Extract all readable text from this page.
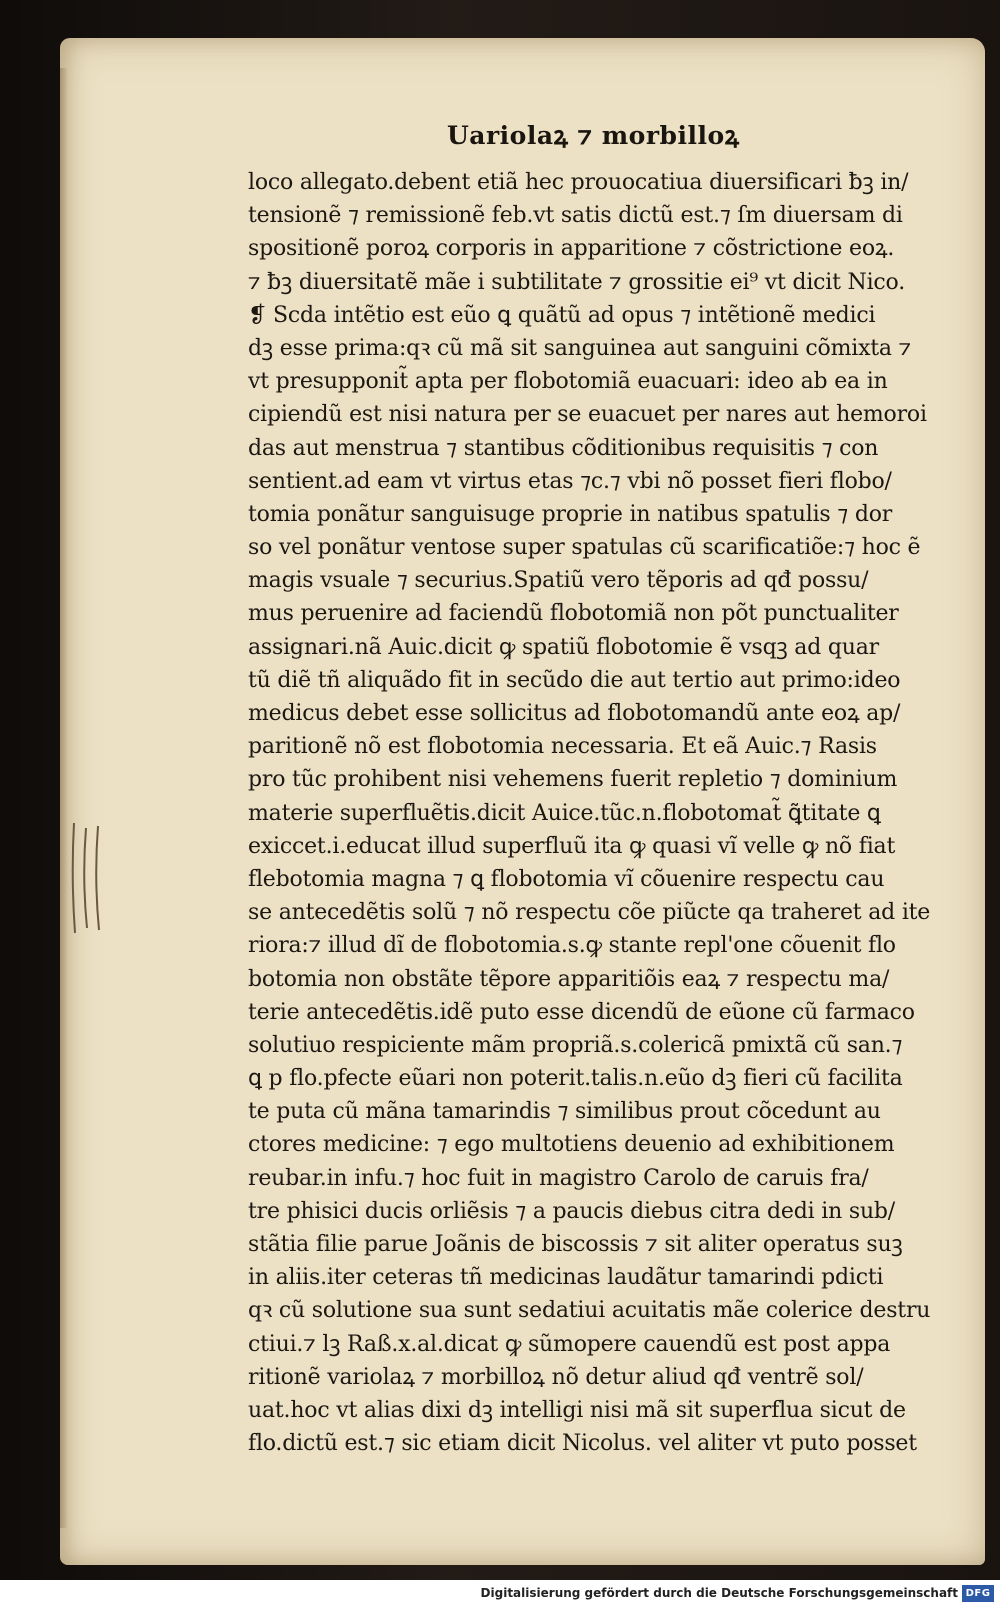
Uariolaꝝ ⁊ morbilloꝝ
loco allegato.debent etiã hec prouocatiua diuersificari ƀꝫ in/
tensionẽ ⁊ remissionẽ feb.vt satis dictũ est.⁊ ſm diuersam di
spositionẽ poroꝝ corporis in apparitione ⁊ cõstrictione eoꝝ.
⁊ ƀꝫ diuersitatẽ mãe i subtilitate ⁊ grossitie ei⁹ vt dicit Nico.
❡ Scda intẽtio est eũo ꝗ quãtũ ad opus ⁊ intẽtionẽ medici
dꝫ esse prima:qꝛ cũ mã sit sanguinea aut sanguini cõmixta ⁊
vt presupponit̃ apta per flobotomiã euacuari: ideo ab ea in
cipiendũ est nisi natura per se euacuet per nares aut hemoroi
das aut menstrua ⁊ stantibus cõditionibus requisitis ⁊ con
sentient.ad eam vt virtus etas ⁊c.⁊ vbi nõ posset fieri flobo/
tomia ponãtur sanguisuge proprie in natibus spatulis ⁊ dor
so vel ponãtur ventose super spatulas cũ scarificatiõe:⁊ hoc ẽ
magis vsuale ⁊ securius.Spatiũ vero tẽporis ad qđ possu/
mus peruenire ad faciendũ flobotomiã non põt punctualiter
assignari.nã Auic.dicit ꝙ spatiũ flobotomie ẽ vsqꝫ ad quar
tũ diẽ tñ aliquãdo fit in secũdo die aut tertio aut primo:ideo
medicus debet esse sollicitus ad flobotomandũ ante eoꝝ ap/
paritionẽ nõ est flobotomia necessaria. Et eã Auic.⁊ Rasis
pro tũc prohibent nisi vehemens fuerit repletio ⁊ dominium
materie superfluẽtis.dicit Auice.tũc.n.flobotomat̃ ꝗ̃titate ꝗ
exiccet.i.educat illud superfluũ ita ꝙ quasi vĩ velle ꝙ nõ fiat
flebotomia magna ⁊ ꝗ flobotomia vĩ cõuenire respectu cau
se antecedẽtis solũ ⁊ nõ respectu cõe piũcte qa traheret ad ite
riora:⁊ illud dĩ de flobotomia.s.ꝙ stante repl'one cõuenit flo
botomia non obstãte tẽpore apparitiõis eaꝝ ⁊ respectu ma/
terie antecedẽtis.idẽ puto esse dicendũ de eũone cũ farmaco
solutiuo respiciente mãm propriã.s.colericã pmixtã cũ san.⁊
ꝗ p flo.pfecte eũari non poterit.talis.n.eũo dꝫ fieri cũ facilita
te puta cũ mãna tamarindis ⁊ similibus prout cõcedunt au
ctores medicine: ⁊ ego multotiens deuenio ad exhibitionem
reubar.in infu.⁊ hoc fuit in magistro Carolo de caruis fra/
tre phisici ducis orliẽsis ⁊ a paucis diebus citra dedi in sub/
stãtia filie parue Joãnis de biscossis ⁊ sit aliter operatus suꝫ
in aliis.iter ceteras tñ medicinas laudãtur tamarindi pdicti
qꝛ cũ solutione sua sunt sedatiui acuitatis mãe colerice destru
ctiui.⁊ lꝫ Raß.x.al.dicat ꝙ sũmopere cauendũ est post appa
ritionẽ variolaꝝ ⁊ morbilloꝝ nõ detur aliud qđ ventrẽ sol/
uat.hoc vt alias dixi dꝫ intelligi nisi mã sit superflua sicut de
flo.dictũ est.⁊ sic etiam dicit Nicolus. vel aliter vt puto posset
Digitalisierung gefördert durch die Deutsche Forschungsgemeinschaft DFG
